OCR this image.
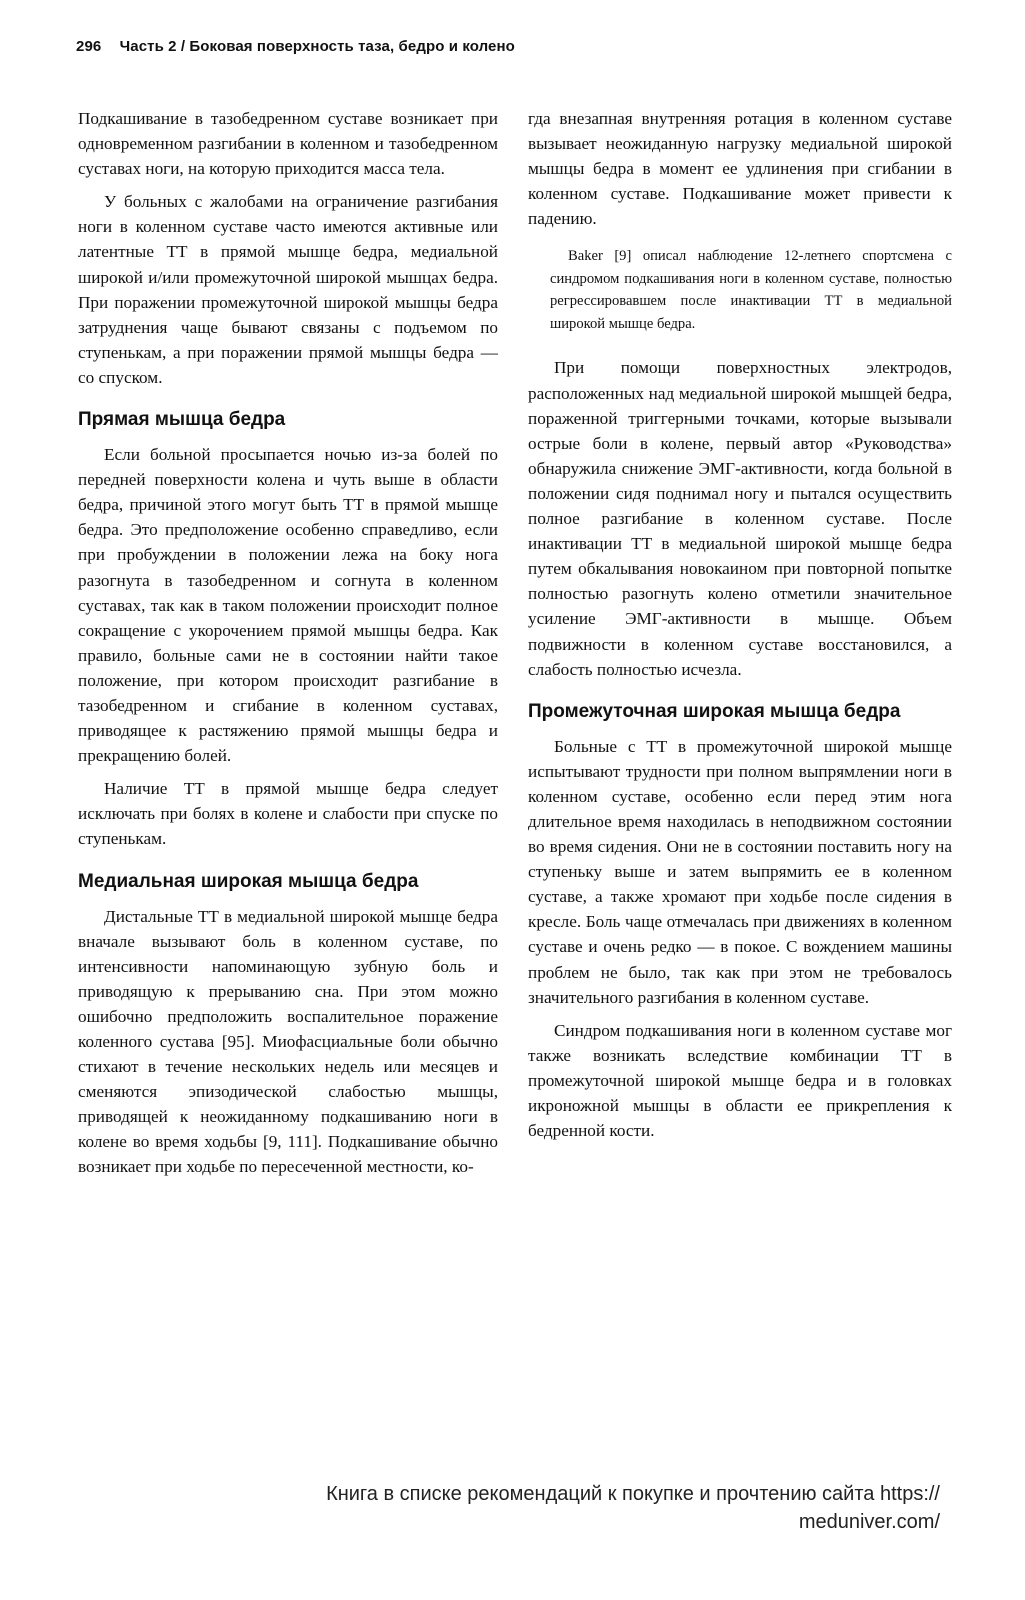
296 Часть 2 / Боковая поверхность таза, бедро и колено

Подкашивание в тазобедренном суставе возникает при одновременном разгибании в коленном и тазобедренном суставах ноги, на которую приходится масса тела.

У больных с жалобами на ограничение разгибания ноги в коленном суставе часто имеются активные или латентные ТТ в прямой мышце бедра, медиальной широкой и/или промежуточной широкой мышцах бедра. При поражении промежуточной широкой мышцы бедра затруднения чаще бывают связаны с подъемом по ступенькам, а при поражении прямой мышцы бедра — со спуском.

Прямая мышца бедра

Если больной просыпается ночью из-за болей по передней поверхности колена и чуть выше в области бедра, причиной этого могут быть ТТ в прямой мышце бедра. Это предположение особенно справедливо, если при пробуждении в положении лежа на боку нога разогнута в тазобедренном и согнута в коленном суставах, так как в таком положении происходит полное сокращение с укорочением прямой мышцы бедра. Как правило, больные сами не в состоянии найти такое положение, при котором происходит разгибание в тазобедренном и сгибание в коленном суставах, приводящее к растяжению прямой мышцы бедра и прекращению болей.

Наличие ТТ в прямой мышце бедра следует исключать при болях в колене и слабости при спуске по ступенькам.

Медиальная широкая мышца бедра

Дистальные ТТ в медиальной широкой мышце бедра вначале вызывают боль в коленном суставе, по интенсивности напоминающую зубную боль и приводящую к прерыванию сна. При этом можно ошибочно предположить воспалительное поражение коленного сустава [95]. Миофасциальные боли обычно стихают в течение нескольких недель или месяцев и сменяются эпизодической слабостью мышцы, приводящей к неожиданному подкашиванию ноги в колене во время ходьбы [9, 111]. Подкашивание обычно возникает при ходьбе по пересеченной местности, ко-

гда внезапная внутренняя ротация в коленном суставе вызывает неожиданную нагрузку медиальной широкой мышцы бедра в момент ее удлинения при сгибании в коленном суставе. Подкашивание может привести к падению.

Baker [9] описал наблюдение 12-летнего спортсмена с синдромом подкашивания ноги в коленном суставе, полностью регрессировавшем после инактивации ТТ в медиальной широкой мышце бедра.

При помощи поверхностных электродов, расположенных над медиальной широкой мышцей бедра, пораженной триггерными точками, которые вызывали острые боли в колене, первый автор «Руководства» обнаружила снижение ЭМГ-активности, когда больной в положении сидя поднимал ногу и пытался осуществить полное разгибание в коленном суставе. После инактивации ТТ в медиальной широкой мышце бедра путем обкалывания новокаином при повторной попытке полностью разогнуть колено отметили значительное усиление ЭМГ-активности в мышце. Объем подвижности в коленном суставе восстановился, а слабость полностью исчезла.

Промежуточная широкая мышца бедра

Больные с ТТ в промежуточной широкой мышце испытывают трудности при полном выпрямлении ноги в коленном суставе, особенно если перед этим нога длительное время находилась в неподвижном состоянии во время сидения. Они не в состоянии поставить ногу на ступеньку выше и затем выпрямить ее в коленном суставе, а также хромают при ходьбе после сидения в кресле. Боль чаще отмечалась при движениях в коленном суставе и очень редко — в покое. С вождением машины проблем не было, так как при этом не требовалось значительного разгибания в коленном суставе.

Синдром подкашивания ноги в коленном суставе мог также возникать вследствие комбинации ТТ в промежуточной широкой мышце бедра и в головках икроножной мышцы в области ее прикрепления к бедренной кости.

Книга в списке рекомендаций к покупке и прочтению сайта https://
meduniver.com/
